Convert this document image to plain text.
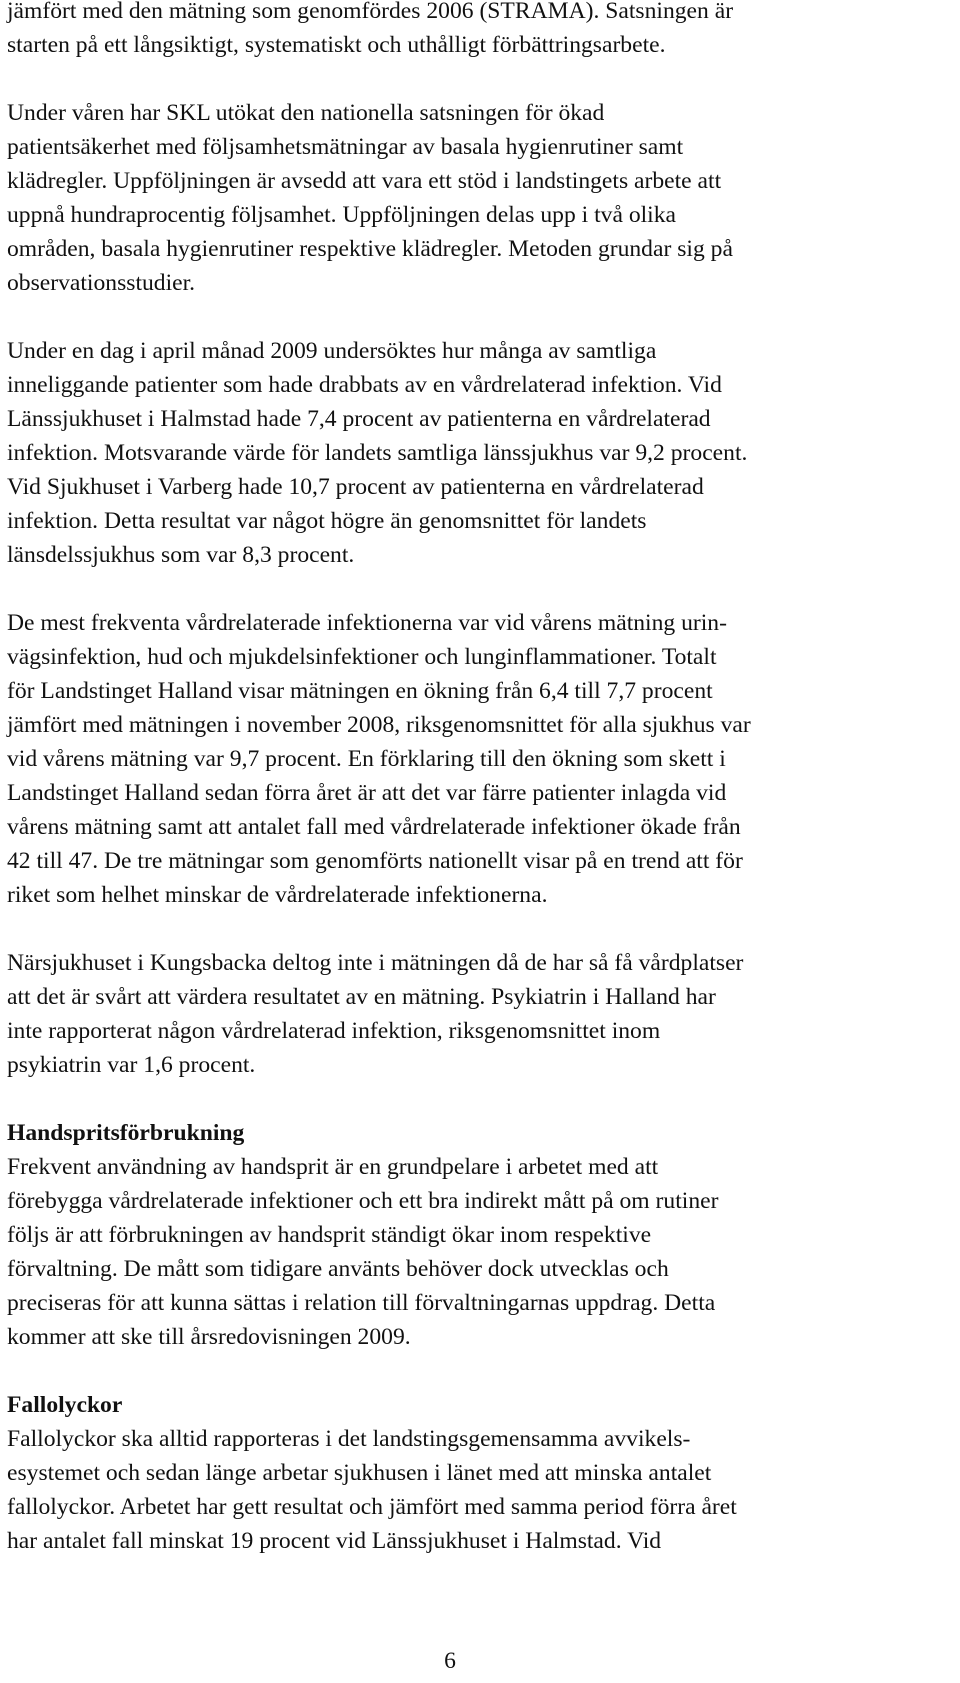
jämfört med den mätning som genomfördes 2006 (STRAMA). Satsningen är
starten på ett långsiktigt, systematiskt och uthålligt förbättringsarbete.
Under våren har SKL utökat den nationella satsningen för ökad
patientsäkerhet med följsamhetsmätningar av basala hygienrutiner samt
klädregler. Uppföljningen är avsedd att vara ett stöd i landstingets arbete att
uppnå hundraprocentig följsamhet. Uppföljningen delas upp i två olika
områden, basala hygienrutiner respektive klädregler. Metoden grundar sig på
observationsstudier.
Under en dag i april månad 2009 undersöktes hur många av samtliga
inneliggande patienter som hade drabbats av en vårdrelaterad infektion. Vid
Länssjukhuset i Halmstad hade 7,4 procent av patienterna en vårdrelaterad
infektion. Motsvarande värde för landets samtliga länssjukhus var 9,2 procent.
Vid Sjukhuset i Varberg hade 10,7 procent av patienterna en vårdrelaterad
infektion. Detta resultat var något högre än genomsnittet för landets
länsdelssjukhus som var 8,3 procent.
De mest frekventa vårdrelaterade infektionerna var vid vårens mätning urin-
vägsinfektion, hud och mjukdelsinfektioner och lunginflammationer. Totalt
för Landstinget Halland visar mätningen en ökning från 6,4 till 7,7 procent
jämfört med mätningen i november 2008, riksgenomsnittet för alla sjukhus var
vid vårens mätning var 9,7 procent. En förklaring till den ökning som skett i
Landstinget Halland sedan förra året är att det var färre patienter inlagda vid
vårens mätning samt att antalet fall med vårdrelaterade infektioner ökade från
42 till 47. De tre mätningar som genomförts nationellt visar på en trend att för
riket som helhet minskar de vårdrelaterade infektionerna.
Närsjukhuset i Kungsbacka deltog inte i mätningen då de har så få vårdplatser
att det är svårt att värdera resultatet av en mätning. Psykiatrin i Halland har
inte rapporterat någon vårdrelaterad infektion, riksgenomsnittet inom
psykiatrin var 1,6 procent.
Handspritsförbrukning
Frekvent användning av handsprit är en grundpelare i arbetet med att
förebygga vårdrelaterade infektioner och ett bra indirekt mått på om rutiner
följs är att förbrukningen av handsprit ständigt ökar inom respektive
förvaltning. De mått som tidigare använts behöver dock utvecklas och
preciseras för att kunna sättas i relation till förvaltningarnas uppdrag. Detta
kommer att ske till årsredovisningen 2009.
Fallolyckor
Fallolyckor ska alltid rapporteras i det landstingsgemensamma avvikels-
esystemet och sedan länge arbetar sjukhusen i länet med att minska antalet
fallolyckor. Arbetet har gett resultat och jämfört med samma period förra året
har antalet fall minskat 19 procent vid Länssjukhuset i Halmstad. Vid
6
